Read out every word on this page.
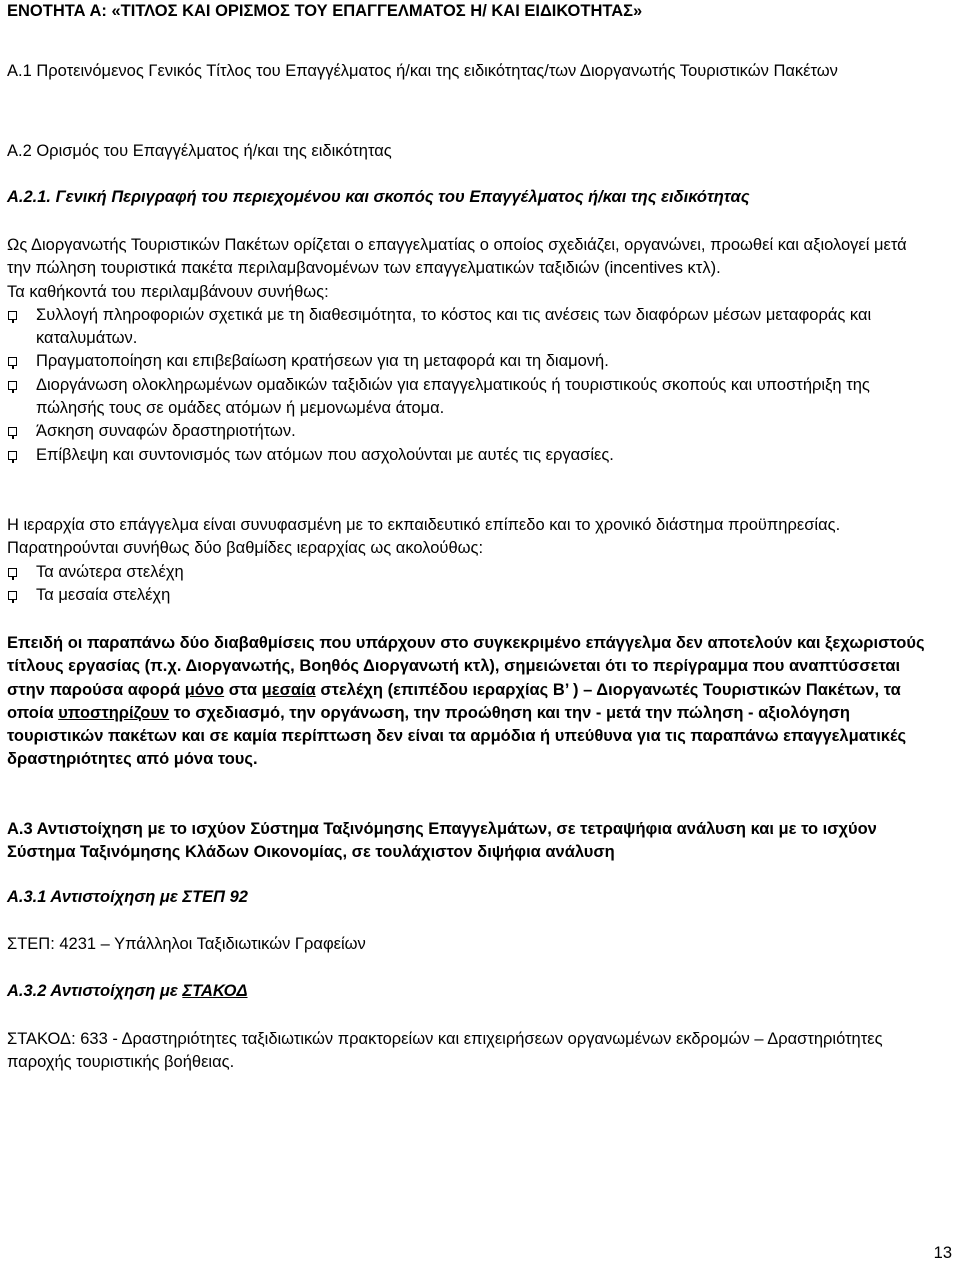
ΕΝΟΤΗΤΑ Α: «ΤΙΤΛΟΣ ΚΑΙ ΟΡΙΣΜΟΣ ΤΟΥ ΕΠΑΓΓΕΛΜΑΤΟΣ Η/ ΚΑΙ ΕΙΔΙΚΟΤΗΤΑΣ»
Α.1 Προτεινόμενος Γενικός Τίτλος του Επαγγέλματος ή/και της ειδικότητας/των Διοργανωτής Τουριστικών Πακέτων
Α.2 Ορισμός του Επαγγέλματος ή/και της ειδικότητας
Α.2.1. Γενική Περιγραφή του περιεχομένου και σκοπός του Επαγγέλματος ή/και της ειδικότητας

Ως Διοργανωτής Τουριστικών Πακέτων ορίζεται ο επαγγελματίας ο οποίος σχεδιάζει, οργανώνει, προωθεί και αξιολογεί μετά την πώληση τουριστικά πακέτα περιλαμβανομένων των επαγγελματικών ταξιδιών (incentives κτλ).

Τα καθήκοντά του περιλαμβάνουν συνήθως:

Συλλογή πληροφοριών σχετικά με τη διαθεσιμότητα, το κόστος και τις ανέσεις των διαφόρων μέσων μεταφοράς και καταλυμάτων.
Πραγματοποίηση και επιβεβαίωση κρατήσεων για τη μεταφορά και τη διαμονή.
Διοργάνωση ολοκληρωμένων ομαδικών ταξιδιών για επαγγελματικούς ή τουριστικούς σκοπούς και υποστήριξη της πώλησής τους σε ομάδες ατόμων ή μεμονωμένα άτομα.
Άσκηση συναφών δραστηριοτήτων.
Επίβλεψη και συντονισμός των ατόμων που ασχολούνται με αυτές τις εργασίες.

Η ιεραρχία στο επάγγελμα είναι συνυφασμένη με το εκπαιδευτικό επίπεδο και το χρονικό διάστημα προϋπηρεσίας. Παρατηρούνται συνήθως δύο βαθμίδες ιεραρχίας ως ακολούθως:

Τα ανώτερα στελέχη
Τα μεσαία στελέχη
Επειδή οι παραπάνω δύο διαβαθμίσεις που υπάρχουν στο συγκεκριμένο επάγγελμα δεν αποτελούν και ξεχωριστούς τίτλους εργασίας (π.χ. Διοργανωτής, Βοηθός Διοργανωτή κτλ), σημειώνεται ότι το περίγραμμα που αναπτύσσεται στην παρούσα αφορά μόνο στα μεσαία στελέχη (επιπέδου ιεραρχίας Β’ ) – Διοργανωτές Τουριστικών Πακέτων, τα οποία υποστηρίζουν το σχεδιασμό, την οργάνωση, την προώθηση και την - μετά την πώληση - αξιολόγηση τουριστικών πακέτων και σε καμία περίπτωση δεν είναι τα αρμόδια ή υπεύθυνα για τις παραπάνω επαγγελματικές δραστηριότητες από μόνα τους.
Α.3 Αντιστοίχηση με το ισχύον Σύστημα Ταξινόμησης Επαγγελμάτων, σε τετραψήφια ανάλυση και με το ισχύον Σύστημα Ταξινόμησης Κλάδων Οικονομίας, σε τουλάχιστον διψήφια ανάλυση
Α.3.1 Αντιστοίχηση με ΣΤΕΠ 92
ΣΤΕΠ: 4231 – Υπάλληλοι Ταξιδιωτικών Γραφείων
Α.3.2 Αντιστοίχηση με ΣΤΑΚΟΔ
ΣΤΑΚΟΔ: 633 - Δραστηριότητες ταξιδιωτικών πρακτορείων και επιχειρήσεων οργανωμένων εκδρομών – Δραστηριότητες παροχής τουριστικής βοήθειας.
13
